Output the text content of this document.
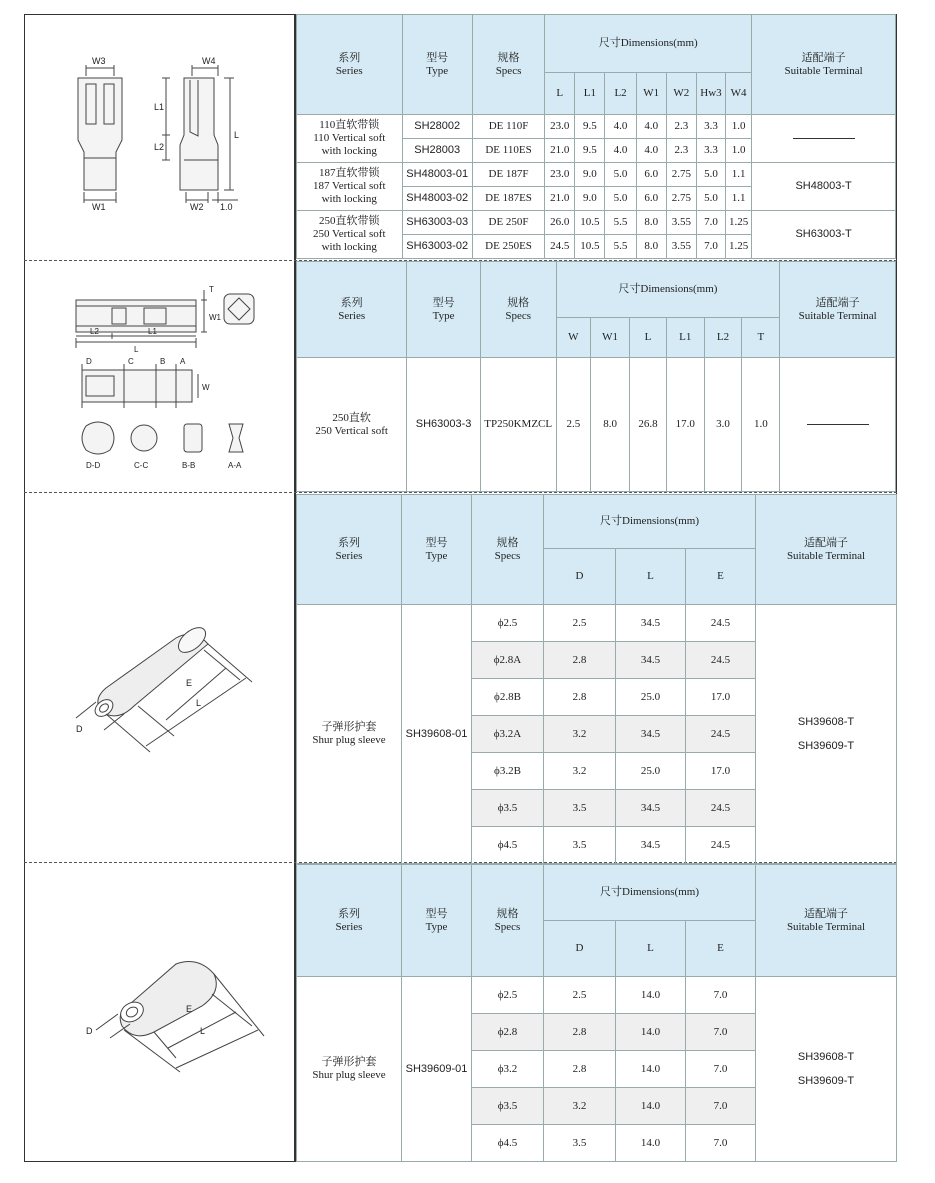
W3	W4
L1
L2
L
W1	W2 1.0
系列
Series	型号
Type	规格
Specs	尺寸Dimensions(mm)							适配端子
Suitable Terminal

			L	L1	L2	W1	W2	Hw3	W4	

110直软带锁
110 Vertical soft
with locking	SH28002	DE 110F	23.0	9.5	4.0	4.0	2.3	3.3	1.0	
	SH28003	DE 110ES	21.0	9.5	4.0	4.0	2.3	3.3	1.0	

187直软带锁
187 Vertical soft
with locking	SH48003-01	DE 187F	23.0	9.0	5.0	6.0	2.75	5.0	1.1	SH48003-T
	SH48003-02	DE 187ES	21.0	9.0	5.0	6.0	2.75	5.0	1.1	

250直软带锁
250 Vertical soft
with locking	SH63003-03	DE 250F	26.0	10.5	5.5	8.0	3.55	7.0	1.25	SH63003-T
	SH63003-02	DE 250ES	24.5	10.5	5.5	8.0	3.55	7.0	1.25	
T
W1
L2	L1
L
D	C	B A
W
D-D	C-C	B-B	A-A
系列
Series	型号
Type	规格
Specs	尺寸Dimensions(mm)						适配端子
Suitable Terminal

			W	W1	L	L1	L2	T	

250直软
250 Vertical soft	SH63003-3	TP250KMZCL	2.5	8.0	26.8	17.0	3.0	1.0	
E
L
D
系列
Series	型号
Type	规格
Specs	尺寸Dimensions(mm)			适配端子
Suitable Terminal

			D	L	E	

子弹形护套
Shur plug sleeve	SH39608-01	ϕ2.5	2.5	34.5	24.5	SH39608-T
SH39609-T

		ϕ2.8A	2.8	34.5	24.5	
		ϕ2.8B	2.8	25.0	17.0	
		ϕ3.2A	3.2	34.5	24.5	
		ϕ3.2B	3.2	25.0	17.0	
		ϕ3.5	3.5	34.5	24.5	
		ϕ4.5	3.5	34.5	24.5	
E
L
D
系列
Series	型号
Type	规格
Specs	尺寸Dimensions(mm)			适配端子
Suitable Terminal

			D	L	E	

子弹形护套
Shur plug sleeve	SH39609-01	ϕ2.5	2.5	14.0	7.0	SH39608-T
SH39609-T

		ϕ2.8	2.8	14.0	7.0	
		ϕ3.2	2.8	14.0	7.0	
		ϕ3.5	3.2	14.0	7.0	
		ϕ4.5	3.5	14.0	7.0	
